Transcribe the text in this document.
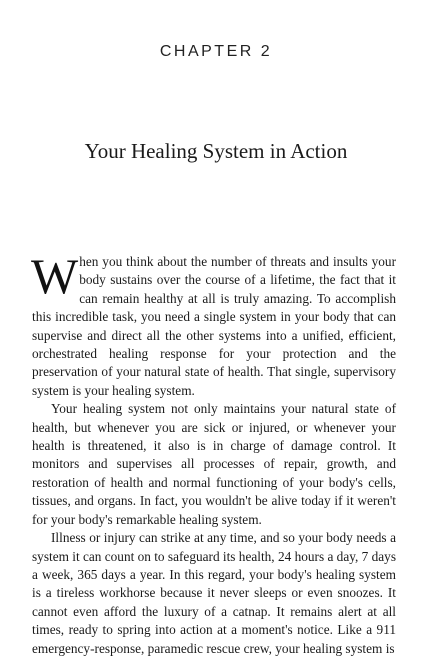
CHAPTER 2
Your Healing System in Action

When you think about the number of threats and insults your body sustains over the course of a lifetime, the fact that it can remain healthy at all is truly amazing. To accomplish this incredible task, you need a single system in your body that can supervise and direct all the other systems into a unified, efficient, orchestrated healing response for your protection and the preservation of your natural state of health. That single, supervisory system is your healing system.

Your healing system not only maintains your natural state of health, but whenever you are sick or injured, or whenever your health is threatened, it also is in charge of damage control. It monitors and supervises all processes of repair, growth, and restoration of health and normal functioning of your body's cells, tissues, and organs. In fact, you wouldn't be alive today if it weren't for your body's remarkable healing system.

Illness or injury can strike at any time, and so your body needs a system it can count on to safeguard its health, 24 hours a day, 7 days a week, 365 days a year. In this regard, your body's healing system is a tireless workhorse because it never sleeps or even snoozes. It cannot even afford the luxury of a catnap. It remains alert at all times, ready to spring into action at a moment's notice. Like a 911 emergency-response, paramedic rescue crew, your healing system is
